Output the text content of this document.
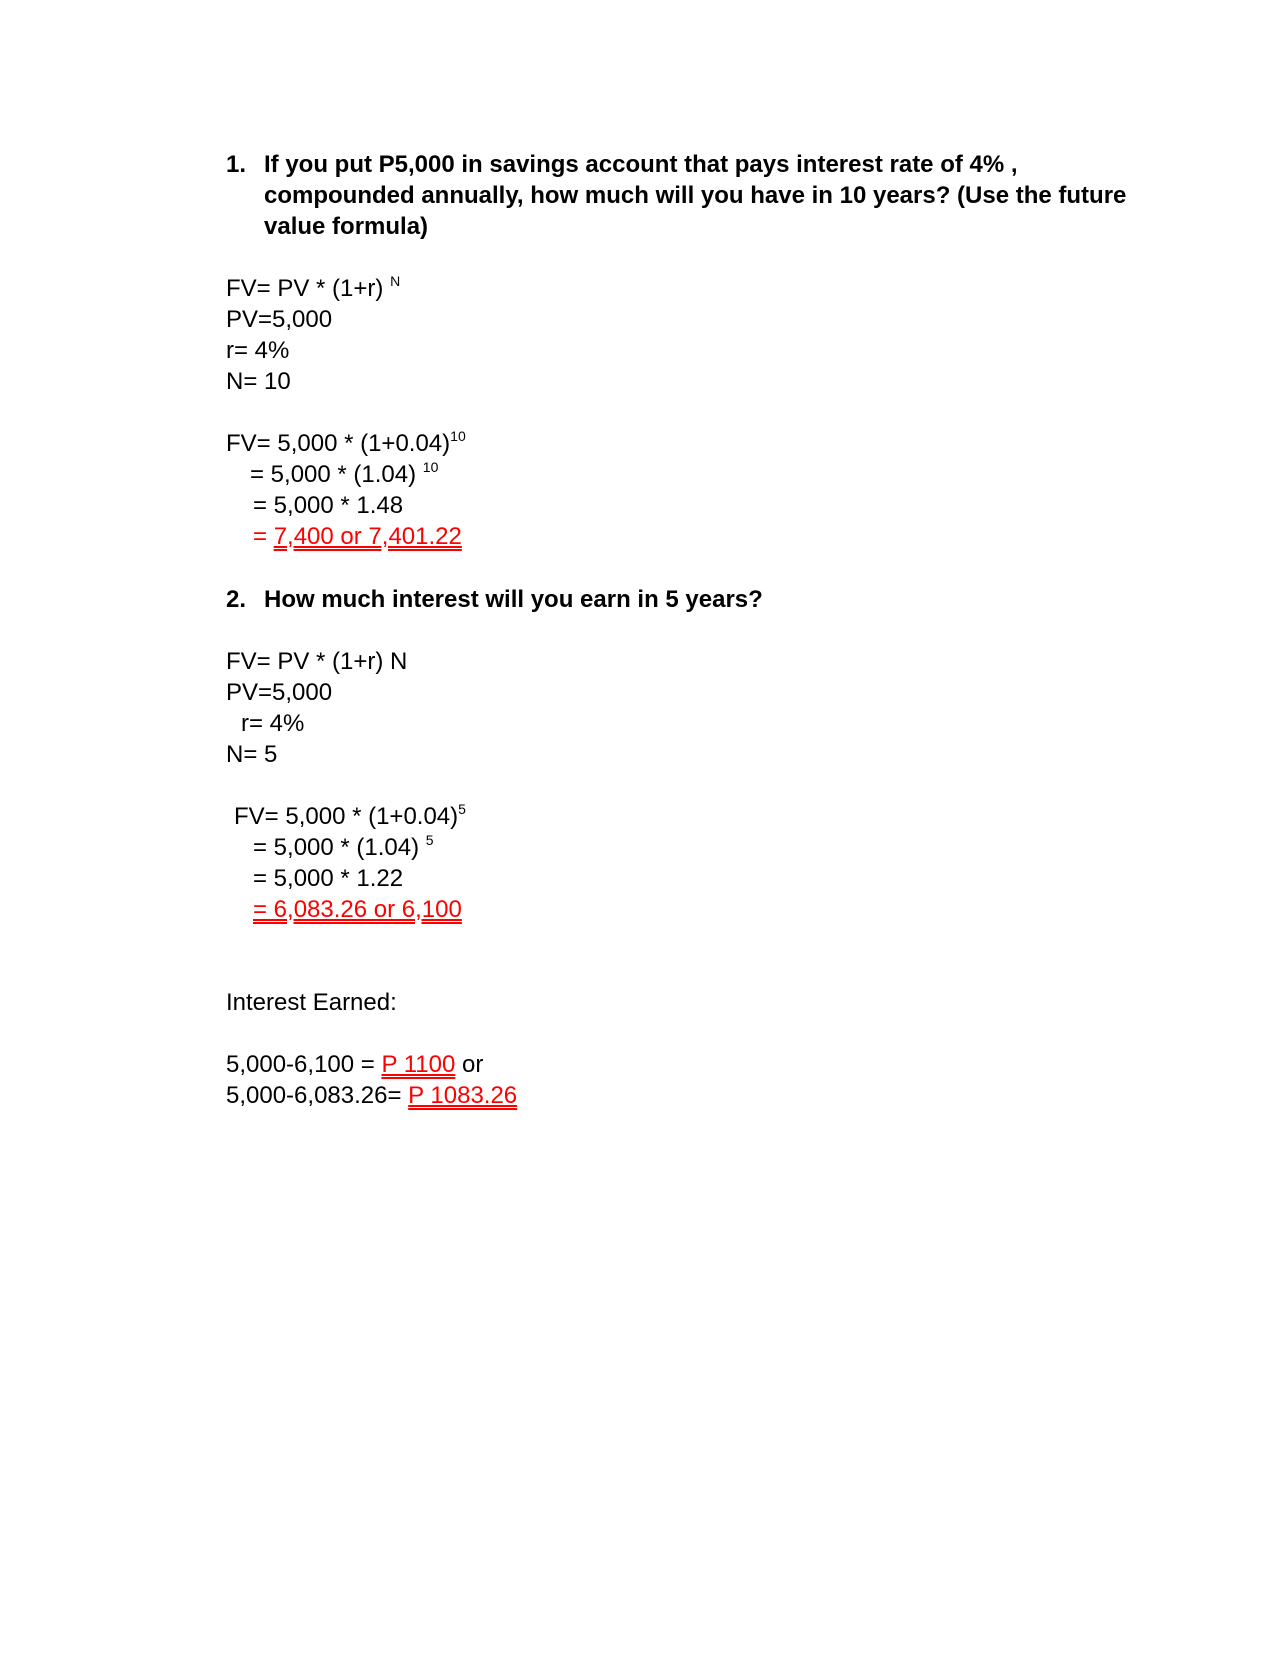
1. If you put P5,000 in savings account that pays interest rate of 4% , compounded annually, how much will you have in 10 years? (Use the future value formula)
FV= PV * (1+r) $^N$
PV=5,000
r= 4%
N= 10
$FV= 5,000 * (1+0.04)^{10}$
= 5,000 * (1.04) $^{10}$
= 5,000 * 1.48
= 7,400 or 7,401.22
2. How much interest will you earn in 5 years?
FV= PV * (1+r) N
PV=5,000
r= 4%
N= 5
$FV= 5,000 * (1+0.04)^5$
= 5,000 * (1.04) $^5$
= 5,000 * 1.22
= 6,083.26 or 6,100
Interest Earned:
5,000-6,100 = P 1100 or
5,000-6,083.26= P 1083.26
